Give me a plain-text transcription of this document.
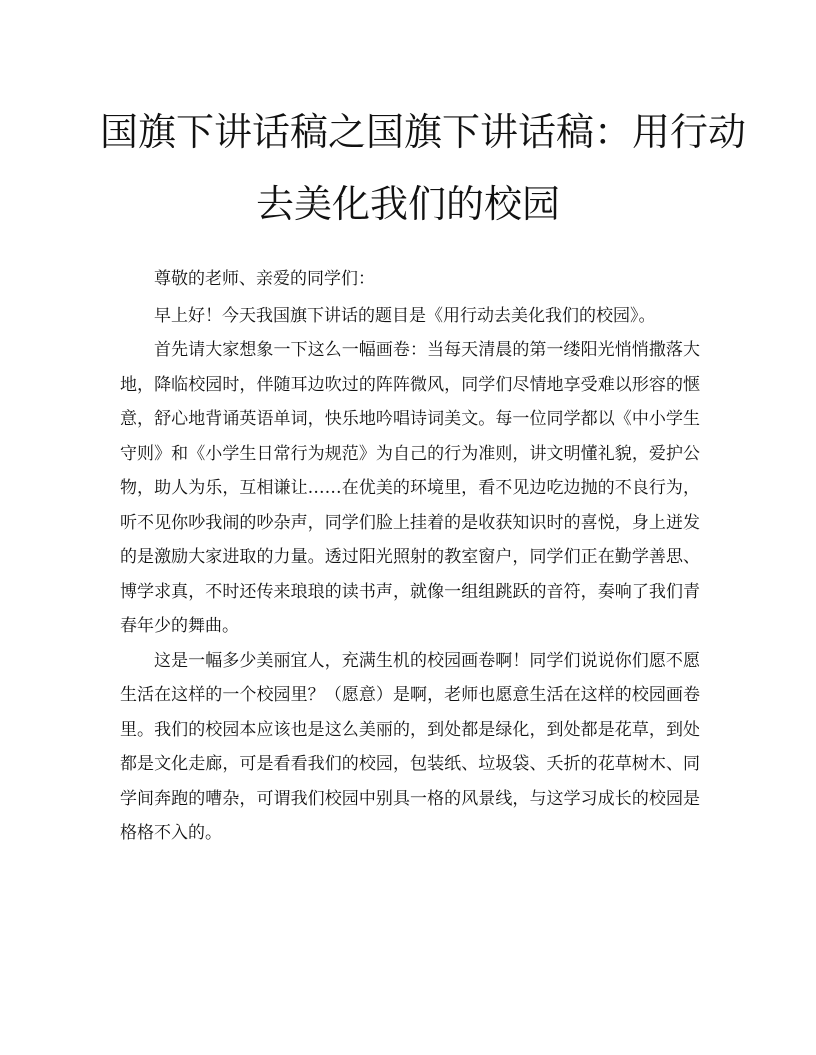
国旗下讲话稿之国旗下讲话稿：用行动
去美化我们的校园

尊敬的老师、亲爱的同学们：

早上好！今天我国旗下讲话的题目是《用行动去美化我们的校园》。

首先请大家想象一下这么一幅画卷：当每天清晨的第一缕阳光悄悄撒落大地，降临校园时，伴随耳边吹过的阵阵微风，同学们尽情地享受难以形容的惬意，舒心地背诵英语单词，快乐地吟唱诗词美文。每一位同学都以《中小学生守则》和《小学生日常行为规范》为自己的行为准则，讲文明懂礼貌，爱护公物，助人为乐，互相谦让……在优美的环境里，看不见边吃边抛的不良行为，听不见你吵我闹的吵杂声，同学们脸上挂着的是收获知识时的喜悦，身上迸发的是激励大家进取的力量。透过阳光照射的教室窗户，同学们正在勤学善思、博学求真，不时还传来琅琅的读书声，就像一组组跳跃的音符，奏响了我们青春年少的舞曲。

这是一幅多少美丽宜人，充满生机的校园画卷啊！同学们说说你们愿不愿生活在这样的一个校园里？（愿意）是啊，老师也愿意生活在这样的校园画卷里。我们的校园本应该也是这么美丽的，到处都是绿化，到处都是花草，到处都是文化走廊，可是看看我们的校园，包装纸、垃圾袋、夭折的花草树木、同学间奔跑的嘈杂，可谓我们校园中别具一格的风景线，与这学习成长的校园是格格不入的。
